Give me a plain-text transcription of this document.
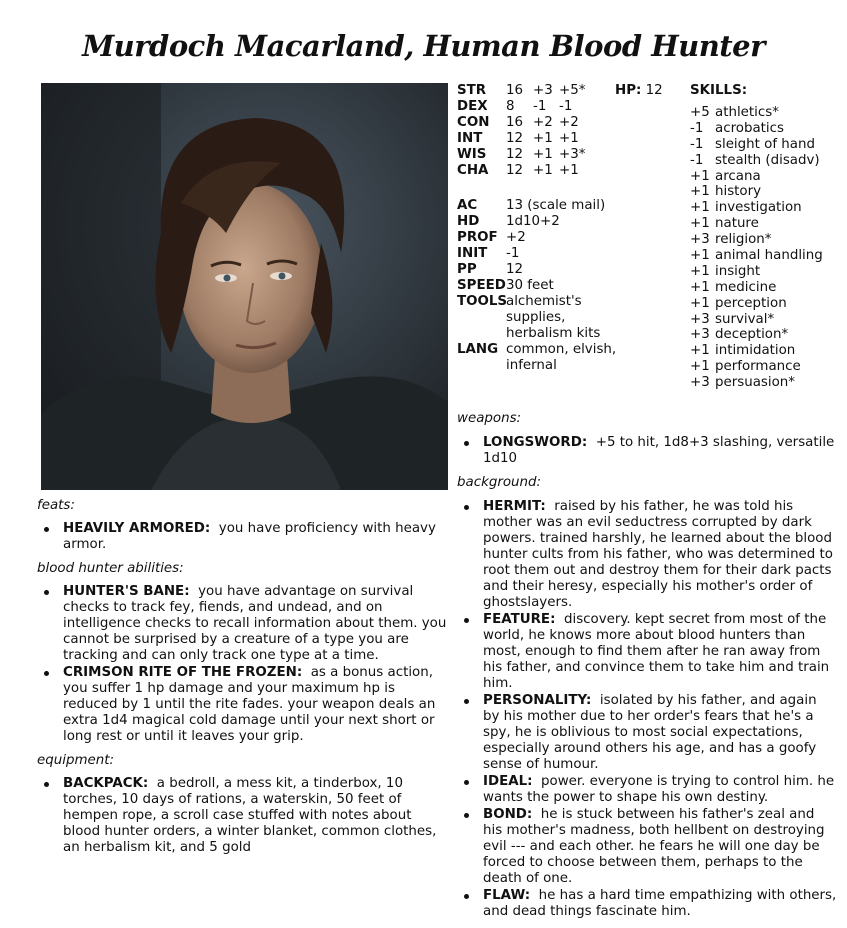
Murdoch Macarland, Human Blood Hunter
STR 16 +3 +5*
DEX 8 -1 -1
CON 16 +2 +2
INT 12 +1 +1
WIS 12 +1 +3*
CHA 12 +1 +1
HP: 12
AC	13 (scale mail)
HD	1d10+2
PROF +2
INIT	-1
PP	12
SPEED 30 feet
TOOLS
alchemist's supplies, herbalism kits
LANG common, elvish, infernal
SKILLS:
+5 athletics*
-1 acrobatics
-1 sleight of hand
-1 stealth (disadv)
+1 arcana
+1 history
+1 investigation
+1 nature
+3 religion*
+1 animal handling
+1 insight
+1 medicine
+1 perception
+3 survival*
+3 deception*
+1 intimidation
+1 performance
+3 persuasion*
feats:
HEAVILY ARMORED: you have proficiency with heavy armor.
blood hunter abilities:
HUNTER'S BANE: you have advantage on survival checks to track fey, fiends, and undead, and on intelligence checks to recall information about them. you cannot be surprised by a creature of a type you are tracking and can only track one type at a time.
CRIMSON RITE OF THE FROZEN: as a bonus action, you suffer 1 hp damage and your maximum hp is reduced by 1 until the rite fades. your weapon deals an extra 1d4 magical cold damage until your next short or long rest or until it leaves your grip.
equipment:
BACKPACK: a bedroll, a mess kit, a tinderbox, 10 torches, 10 days of rations, a waterskin, 50 feet of hempen rope, a scroll case stuffed with notes about blood hunter orders, a winter blanket, common clothes, an herbalism kit, and 5 gold
weapons:
LONGSWORD: +5 to hit, 1d8+3 slashing, versatile 1d10
background:
HERMIT: raised by his father, he was told his mother was an evil seductress corrupted by dark powers. trained harshly, he learned about the blood hunter cults from his father, who was determined to root them out and destroy them for their dark pacts and their heresy, especially his mother's order of ghostslayers.
FEATURE: discovery. kept secret from most of the world, he knows more about blood hunters than most, enough to find them after he ran away from his father, and convince them to take him and train him.
PERSONALITY: isolated by his father, and again by his mother due to her order's fears that he's a spy, he is oblivious to most social expectations, especially around others his age, and has a goofy sense of humour.
IDEAL: power. everyone is trying to control him. he wants the power to shape his own destiny.
BOND: he is stuck between his father's zeal and his mother's madness, both hellbent on destroying evil --- and each other. he fears he will one day be forced to choose between them, perhaps to the death of one.
FLAW: he has a hard time empathizing with others, and dead things fascinate him.
